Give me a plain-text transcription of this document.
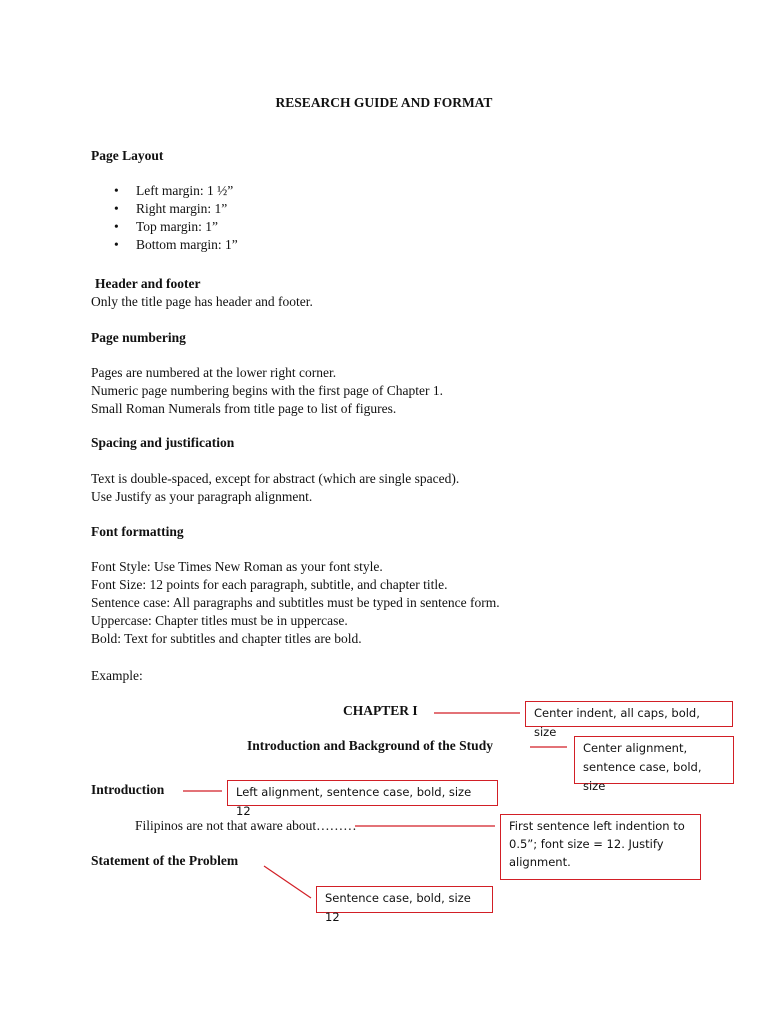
RESEARCH GUIDE AND FORMAT
Page Layout
• Left margin: 1 ½”
• Right margin: 1”
• Top margin: 1”
• Bottom margin: 1”
Header and footer
Only the title page has header and footer.
Page numbering
Pages are numbered at the lower right corner.
Numeric page numbering begins with the first page of Chapter 1.
Small Roman Numerals from title page to list of figures.
Spacing and justification
Text is double-spaced, except for abstract (which are single spaced).
Use Justify as your paragraph alignment.
Font formatting
Font Style: Use Times New Roman as your font style.
Font Size: 12 points for each paragraph, subtitle, and chapter title.
Sentence case: All paragraphs and subtitles must be typed in sentence form.
Uppercase: Chapter titles must be in uppercase.
Bold: Text for subtitles and chapter titles are bold.
Example:
CHAPTER I
Introduction and Background of the Study
Introduction
Filipinos are not that aware about………
Statement of the Problem
Center indent, all caps, bold, size
Center alignment, sentence case, bold, size
Left alignment, sentence case, bold, size 12
First sentence left indention to 0.5”; font size = 12. Justify alignment.
Sentence case, bold, size 12
